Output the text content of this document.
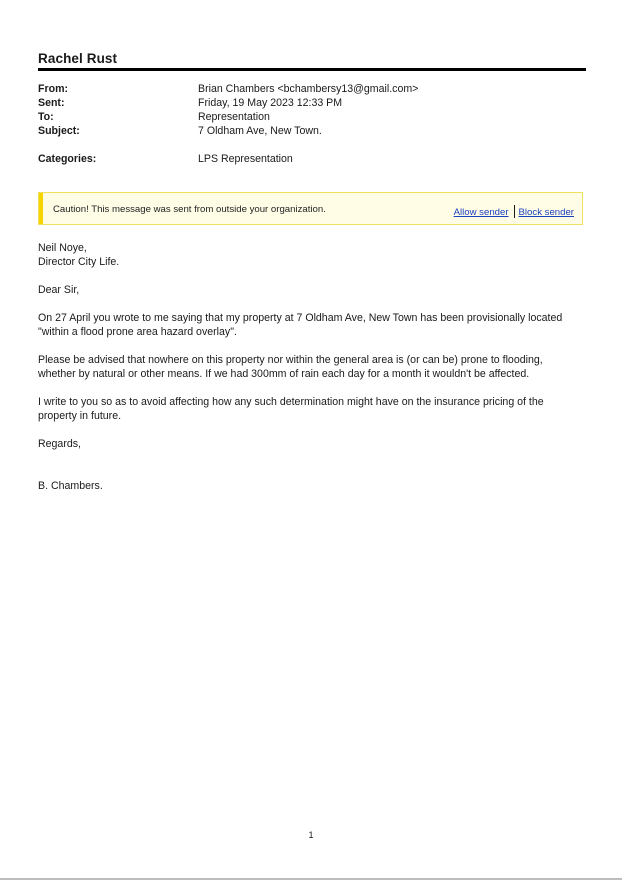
Rachel Rust
From:	Brian Chambers <bchambersy13@gmail.com>
Sent:	Friday, 19 May 2023 12:33 PM
To:	Representation
Subject:	7 Oldham Ave, New Town.
Categories:	LPS Representation
Caution! This message was sent from outside your organization.	Allow sender Block sender

Neil Noye,

Director City Life.

Dear Sir,

On 27 April you wrote to me saying that my property at 7 Oldham Ave, New Town has been provisionally located

"within a flood prone area hazard overlay".

Please be advised that nowhere on this property nor within the general area is (or can be) prone to flooding,

whether by natural or other means. If we had 300mm of rain each day for a month it wouldn't be affected.

I write to you so as to avoid affecting how any such determination might have on the insurance pricing of the

property in future.

Regards,

B. Chambers.

1
